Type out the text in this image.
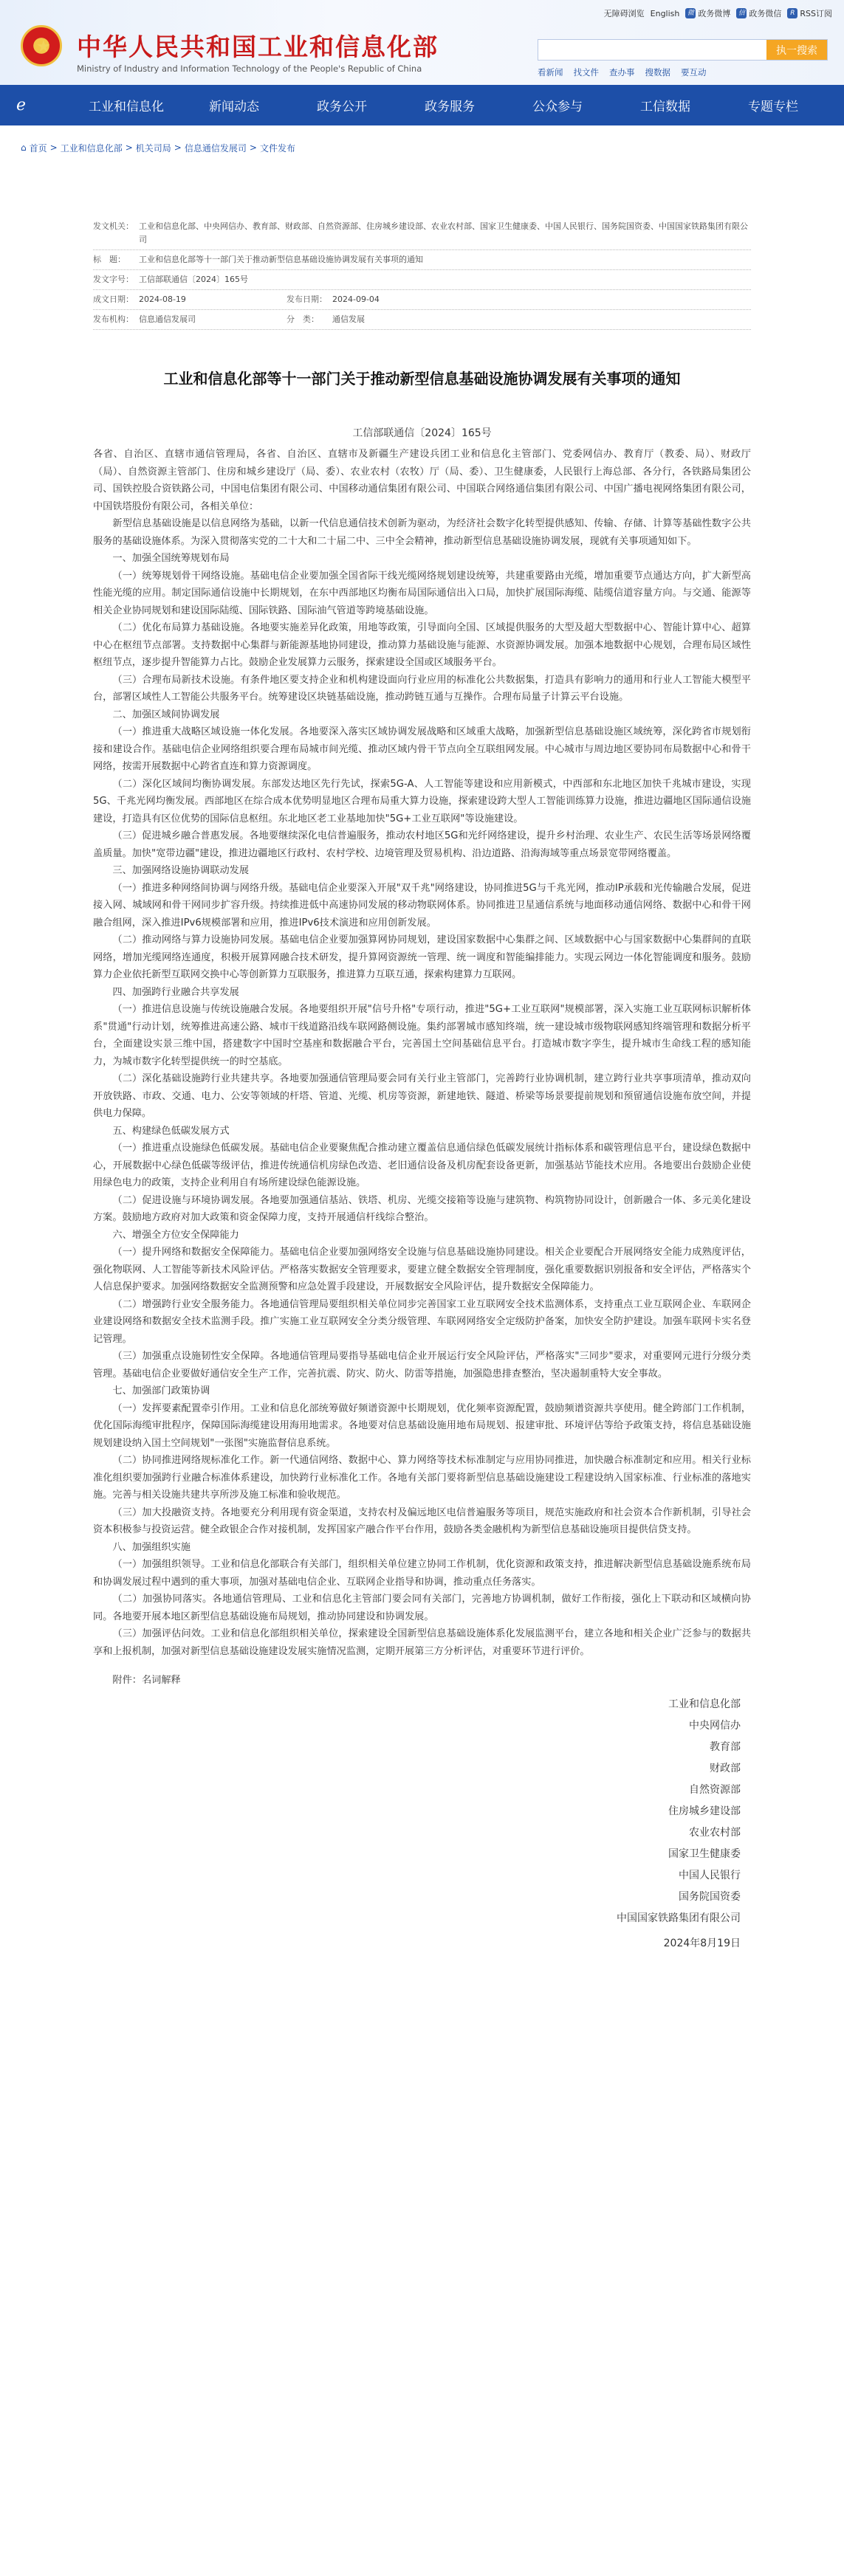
★ 中华人民共和国工业和信息化部
Ministry of Industry and Information Technology of the People's Republic of China
无障碍浏览 English 微 政务微博 信 政务微信	R RSS订阅
执一搜索
看新闻 找文件 查办事 搜数据 要互动
ℯ	工业和信息化	新闻动态	政务公开	政务服务	公众参与	工信数据	专题专栏
⌂ 首页 > 工业和信息化部 > 机关司局 > 信息通信发展司 > 文件发布
发文机关： 工业和信息化部、中央网信办、教育部、财政部、自然资源部、住房城乡建设部、农业农村部、国家卫生健康委、中国人民银行、国务院国资委、中国国家铁路集团有限公司
标　题：	工业和信息化部等十一部门关于推动新型信息基础设施协调发展有关事项的通知
发文字号： 工信部联通信〔2024〕165号
成文日期： 2024-08-19	发布日期： 2024-09-04
发布机构： 信息通信发展司	分　类：	通信发展
工业和信息化部等十一部门关于推动新型信息基础设施协调发展有关事项的通知
工信部联通信〔2024〕165号

各省、自治区、直辖市通信管理局，各省、自治区、直辖市及新疆生产建设兵团工业和信息化主管部门、党委网信办、教育厅（教委、局）、财政厅（局）、自然资源主管部门、住房和城乡建设厅（局、委）、农业农村（农牧）厅（局、委）、卫生健康委，人民银行上海总部、各分行，各铁路局集团公司、国铁控股合资铁路公司，中国电信集团有限公司、中国移动通信集团有限公司、中国联合网络通信集团有限公司、中国广播电视网络集团有限公司，中国铁塔股份有限公司，各相关单位：

新型信息基础设施是以信息网络为基础，以新一代信息通信技术创新为驱动，为经济社会数字化转型提供感知、传输、存储、计算等基础性数字公共服务的基础设施体系。为深入贯彻落实党的二十大和二十届二中、三中全会精神，推动新型信息基础设施协调发展，现就有关事项通知如下。

一、加强全国统筹规划布局

（一）统筹规划骨干网络设施。基础电信企业要加强全国省际干线光缆网络规划建设统筹，共建重要路由光缆，增加重要节点通达方向，扩大新型高性能光缆的应用。制定国际通信设施中长期规划，在东中西部地区均衡布局国际通信出入口局，加快扩展国际海缆、陆缆信道容量方向。与交通、能源等相关企业协同规划和建设国际陆缆、国际铁路、国际油气管道等跨境基础设施。

（二）优化布局算力基础设施。各地要实施差异化政策，用地等政策，引导面向全国、区域提供服务的大型及超大型数据中心、智能计算中心、超算中心在枢纽节点部署。支持数据中心集群与新能源基地协同建设，推动算力基础设施与能源、水资源协调发展。加强本地数据中心规划，合理布局区域性枢纽节点，逐步提升智能算力占比。鼓励企业发展算力云服务，探索建设全国或区域服务平台。

（三）合理布局新技术设施。有条件地区要支持企业和机构建设面向行业应用的标准化公共数据集，打造具有影响力的通用和行业人工智能大模型平台，部署区域性人工智能公共服务平台。统筹建设区块链基础设施，推动跨链互通与互操作。合理布局量子计算云平台设施。

二、加强区域间协调发展

（一）推进重大战略区域设施一体化发展。各地要深入落实区域协调发展战略和区域重大战略，加强新型信息基础设施区域统筹，深化跨省市规划衔接和建设合作。基础电信企业网络组织要合理布局城市间光缆、推动区域内骨干节点向全互联组网发展。中心城市与周边地区要协同布局数据中心和骨干网络，按需开展数据中心跨省直连和算力资源调度。

（二）深化区域间均衡协调发展。东部发达地区先行先试，探索5G-A、人工智能等建设和应用新模式，中西部和东北地区加快千兆城市建设，实现5G、千兆光网均衡发展。西部地区在综合成本优势明显地区合理布局重大算力设施，探索建设跨大型人工智能训练算力设施，推进边疆地区国际通信设施建设，打造具有区位优势的国际信息枢纽。东北地区老工业基地加快"5G+工业互联网"等设施建设。

（三）促进城乡融合普惠发展。各地要继续深化电信普遍服务，推动农村地区5G和光纤网络建设，提升乡村治理、农业生产、农民生活等场景网络覆盖质量。加快"宽带边疆"建设，推进边疆地区行政村、农村学校、边境管理及贸易机构、沿边道路、沿海海域等重点场景宽带网络覆盖。

三、加强网络设施协调联动发展

（一）推进多种网络间协调与网络升级。基础电信企业要深入开展"双千兆"网络建设，协同推进5G与千兆光网，推动IP承载和光传输融合发展，促进接入网、城域网和骨干网同步扩容升级。持续推进低中高速协同发展的移动物联网体系。协同推进卫星通信系统与地面移动通信网络、数据中心和骨干网融合组网，深入推进IPv6规模部署和应用，推进IPv6技术演进和应用创新发展。

（二）推动网络与算力设施协同发展。基础电信企业要加强算网协同规划，建设国家数据中心集群之间、区域数据中心与国家数据中心集群间的直联网络，增加光缆网络连通度，积极开展算网融合技术研发，提升算网资源统一管理、统一调度和智能编排能力。实现云网边一体化智能调度和服务。鼓励算力企业依托新型互联网交换中心等创新算力互联服务，推进算力互联互通，探索构建算力互联网。

四、加强跨行业融合共享发展

（一）推进信息设施与传统设施融合发展。各地要组织开展"信号升格"专项行动，推进"5G+工业互联网"规模部署，深入实施工业互联网标识解析体系"贯通"行动计划，统筹推进高速公路、城市干线道路沿线车联网路侧设施。集约部署城市感知终端，统一建设城市级物联网感知终端管理和数据分析平台，全面建设实景三维中国，搭建数字中国时空基座和数据融合平台，完善国土空间基础信息平台。打造城市数字孪生，提升城市生命线工程的感知能力，为城市数字化转型提供统一的时空基底。

（二）深化基础设施跨行业共建共享。各地要加强通信管理局要会同有关行业主管部门，完善跨行业协调机制，建立跨行业共享事项清单，推动双向开放铁路、市政、交通、电力、公安等领域的杆塔、管道、光缆、机房等资源，新建地铁、隧道、桥梁等场景要提前规划和预留通信设施布放空间，并提供电力保障。

五、构建绿色低碳发展方式

（一）推进重点设施绿色低碳发展。基础电信企业要聚焦配合推动建立覆盖信息通信绿色低碳发展统计指标体系和碳管理信息平台，建设绿色数据中心，开展数据中心绿色低碳等级评估，推进传统通信机房绿色改造、老旧通信设备及机房配套设备更新，加强基站节能技术应用。各地要出台鼓励企业使用绿色电力的政策，支持企业利用自有场所建设绿色能源设施。

（二）促进设施与环境协调发展。各地要加强通信基站、铁塔、机房、光缆交接箱等设施与建筑物、构筑物协同设计，创新融合一体、多元美化建设方案。鼓励地方政府对加大政策和资金保障力度，支持开展通信杆线综合整治。

六、增强全方位安全保障能力

（一）提升网络和数据安全保障能力。基础电信企业要加强网络安全设施与信息基础设施协同建设。相关企业要配合开展网络安全能力成熟度评估，强化物联网、人工智能等新技术风险评估。严格落实数据安全管理要求，要建立健全数据安全管理制度，强化重要数据识别报备和安全评估，严格落实个人信息保护要求。加强网络数据安全监测预警和应急处置手段建设，开展数据安全风险评估，提升数据安全保障能力。

（二）增强跨行业安全服务能力。各地通信管理局要组织相关单位同步完善国家工业互联网安全技术监测体系，支持重点工业互联网企业、车联网企业建设网络和数据安全技术监测手段。推广实施工业互联网安全分类分级管理、车联网网络安全定级防护备案，加快安全防护建设。加强车联网卡实名登记管理。

（三）加强重点设施韧性安全保障。各地通信管理局要指导基础电信企业开展运行安全风险评估，严格落实"三同步"要求，对重要网元进行分级分类管理。基础电信企业要做好通信安全生产工作，完善抗震、防灾、防火、防雷等措施，加强隐患排查整治，坚决遏制重特大安全事故。

七、加强部门政策协调

（一）发挥要素配置牵引作用。工业和信息化部统筹做好频谱资源中长期规划，优化频率资源配置，鼓励频谱资源共享使用。健全跨部门工作机制，优化国际海缆审批程序，保障国际海缆建设用海用地需求。各地要对信息基础设施用地布局规划、报建审批、环境评估等给予政策支持，将信息基础设施规划建设纳入国土空间规划"一张图"实施监督信息系统。

（二）协同推进网络规标准化工作。新一代通信网络、数据中心、算力网络等技术标准制定与应用协同推进，加快融合标准制定和应用。相关行业标准化组织要加强跨行业融合标准体系建设，加快跨行业标准化工作。各地有关部门要将新型信息基础设施建设工程建设纳入国家标准、行业标准的落地实施。完善与相关设施共建共享所涉及施工标准和验收规范。

（三）加大投融资支持。各地要充分利用现有资金渠道，支持农村及偏远地区电信普遍服务等项目，规范实施政府和社会资本合作新机制，引导社会资本积极参与投资运营。健全政银企合作对接机制，发挥国家产融合作平台作用，鼓励各类金融机构为新型信息基础设施项目提供信贷支持。

八、加强组织实施

（一）加强组织领导。工业和信息化部联合有关部门，组织相关单位建立协同工作机制，优化资源和政策支持，推进解决新型信息基础设施系统布局和协调发展过程中遇到的重大事项，加强对基础电信企业、互联网企业指导和协调，推动重点任务落实。

（二）加强协同落实。各地通信管理局、工业和信息化主管部门要会同有关部门，完善地方协调机制，做好工作衔接，强化上下联动和区域横向协同。各地要开展本地区新型信息基础设施布局规划，推动协同建设和协调发展。

（三）加强评估问效。工业和信息化部组织相关单位，探索建设全国新型信息基础设施体系化发展监测平台，建立各地和相关企业广泛参与的数据共享和上报机制，加强对新型信息基础设施建设发展实施情况监测，定期开展第三方分析评估，对重要环节进行评价。

附件：名词解释

工业和信息化部
中央网信办
教育部
财政部
自然资源部
住房城乡建设部
农业农村部
国家卫生健康委
中国人民银行
国务院国资委
中国国家铁路集团有限公司
2024年8月19日
